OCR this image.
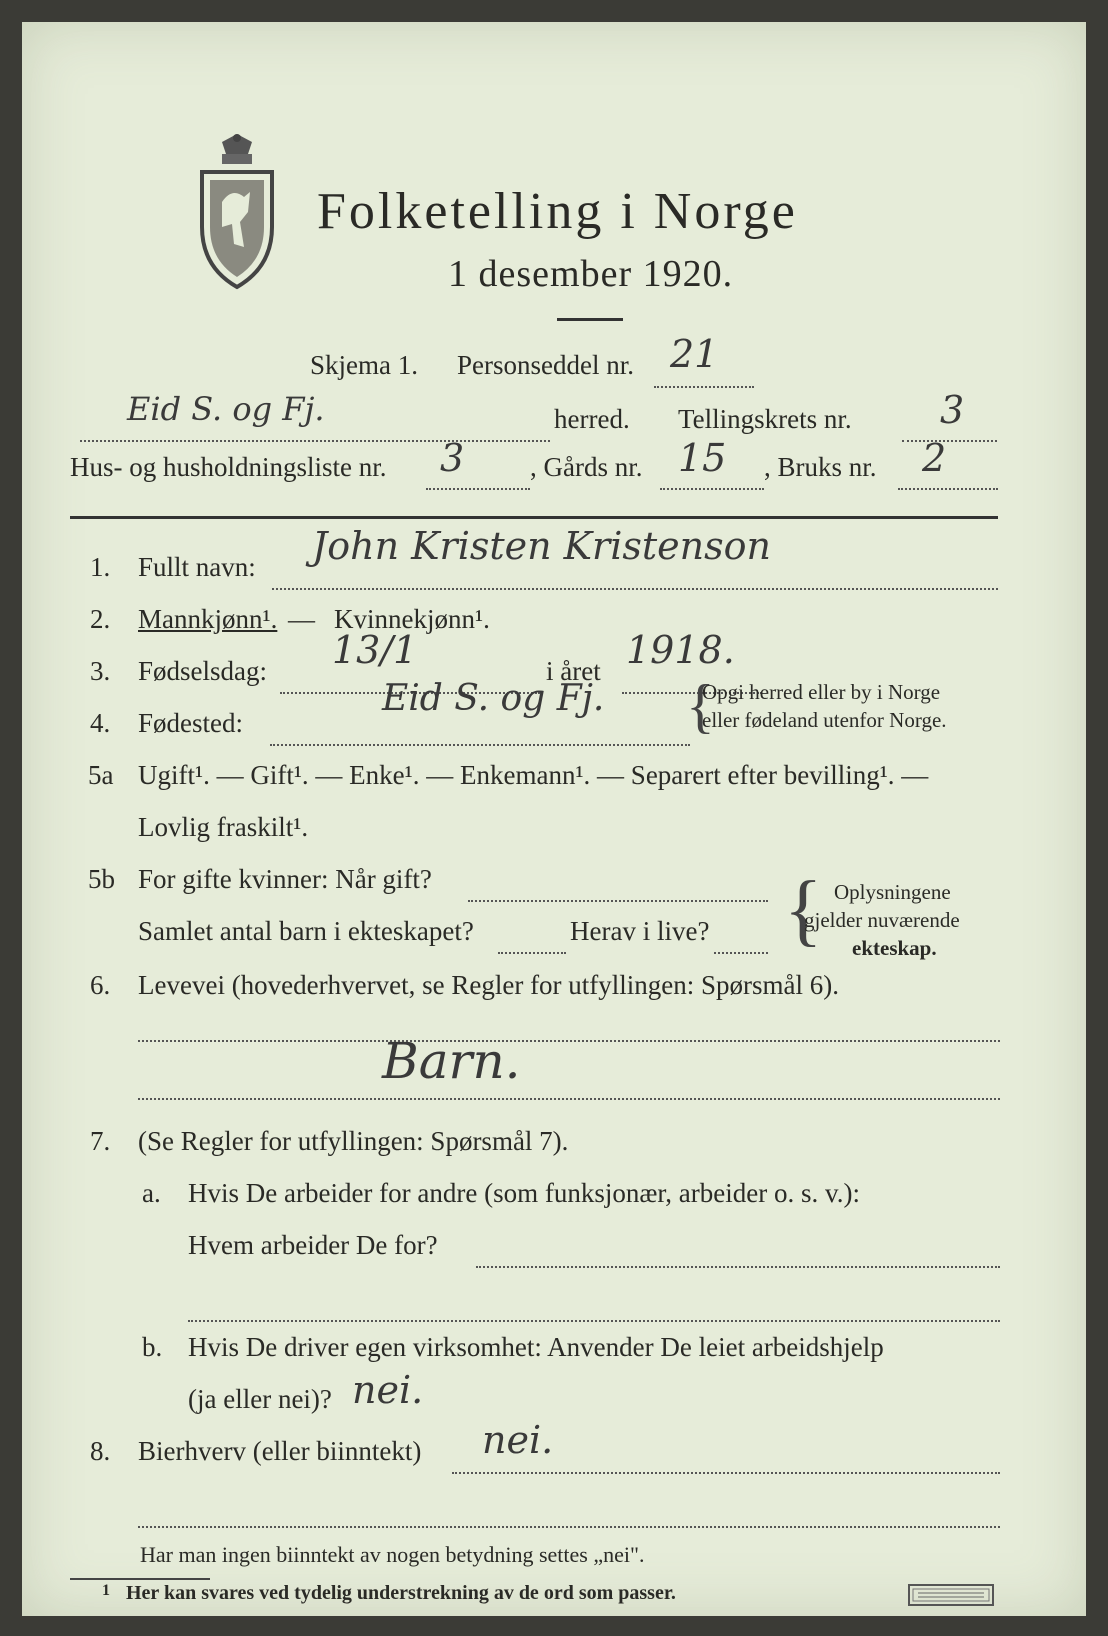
Folketelling i Norge
1 desember 1920.
Skjema 1. Personseddel nr. 21
Eid S. og Fj.	herred. Tellingskrets nr. 3
Hus- og husholdningsliste nr. 3 , Gårds nr. 15 , Bruks nr. 2
1. Fullt navn: John Kristen Kristenson
2. Mannkjønn¹. — Kvinnekjønn¹.
3. Fødselsdag: 13/1	i året 1918.
4. Fødested:
Eid S. og Fj. {
Opgi herred eller by i Norge
eller fødeland utenfor Norge.
5a Ugift¹. — Gift¹. — Enke¹. — Enkemann¹. — Separert efter bevilling¹. —
Lovlig fraskilt¹.
5b For gifte kvinner: Når gift?
Samlet antal barn i ekteskapet?	Herav i live? { Oplysningene
gjelder nuværende
ekteskap.
6. Levevei (hovederhvervet, se Regler for utfyllingen: Spørsmål 6).
Barn.
7. (Se Regler for utfyllingen: Spørsmål 7).
a. Hvis De arbeider for andre (som funksjonær, arbeider o. s. v.):
Hvem arbeider De for?
b. Hvis De driver egen virksomhet: Anvender De leiet arbeidshjelp
(ja eller nei)? nei.
8. Bierhverv (eller biinntekt) nei.
Har man ingen biinntekt av nogen betydning settes „nei".
1 Her kan svares ved tydelig understrekning av de ord som passer.
